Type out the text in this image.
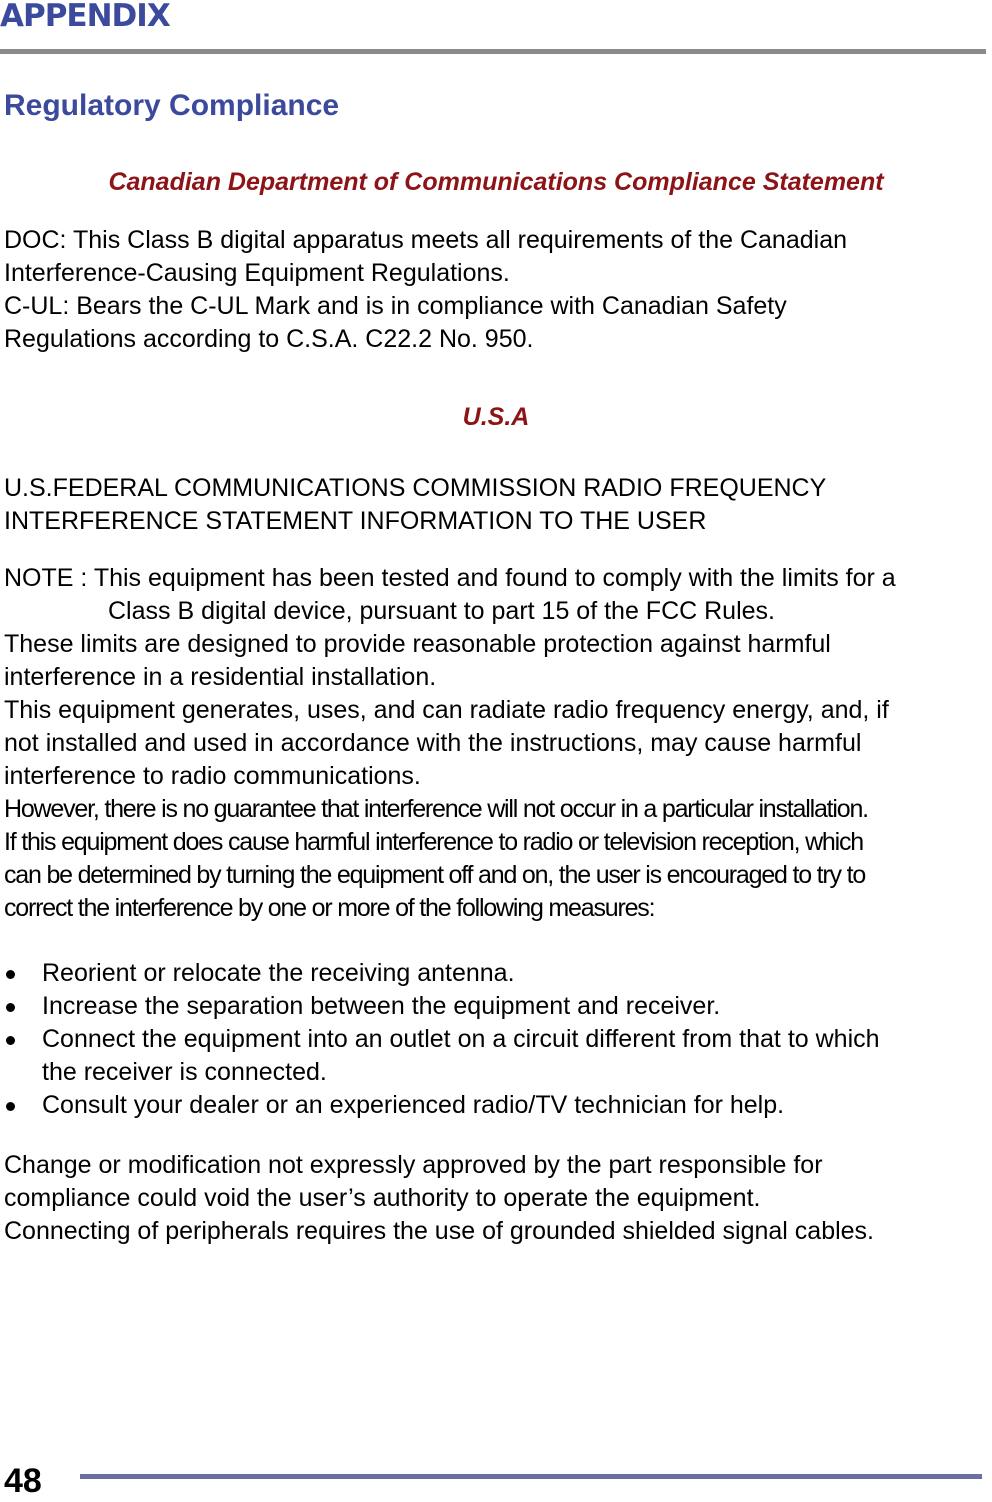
APPENDIX
Regulatory Compliance
Canadian Department of Communications Compliance Statement
DOC: This Class B digital apparatus meets all requirements of the Canadian
Interference-Causing Equipment Regulations.
C-UL: Bears the C-UL Mark and is in compliance with Canadian Safety
Regulations according to C.S.A. C22.2 No. 950.
U.S.A
U.S.FEDERAL COMMUNICATIONS COMMISSION RADIO FREQUENCY
INTERFERENCE STATEMENT INFORMATION TO THE USER
NOTE : This equipment has been tested and found to comply with the limits for a
Class B digital device, pursuant to part 15 of the FCC Rules.
These limits are designed to provide reasonable protection against harmful
interference in a residential installation.
This equipment generates, uses, and can radiate radio frequency energy, and, if
not installed and used in accordance with the instructions, may cause harmful
interference to radio communications.
However, there is no guarantee that interference will not occur in a particular installation.
If this equipment does cause harmful interference to radio or television reception, which
can be determined by turning the equipment off and on, the user is encouraged to try to
correct the interference by one or more of the following measures:
Reorient or relocate the receiving antenna.
Increase the separation between the equipment and receiver.
Connect the equipment into an outlet on a circuit different from that to which
the receiver is connected.
Consult your dealer or an experienced radio/TV technician for help.
Change or modification not expressly approved by the part responsible for
compliance could void the user’s authority to operate the equipment.
Connecting of peripherals requires the use of grounded shielded signal cables.
48
